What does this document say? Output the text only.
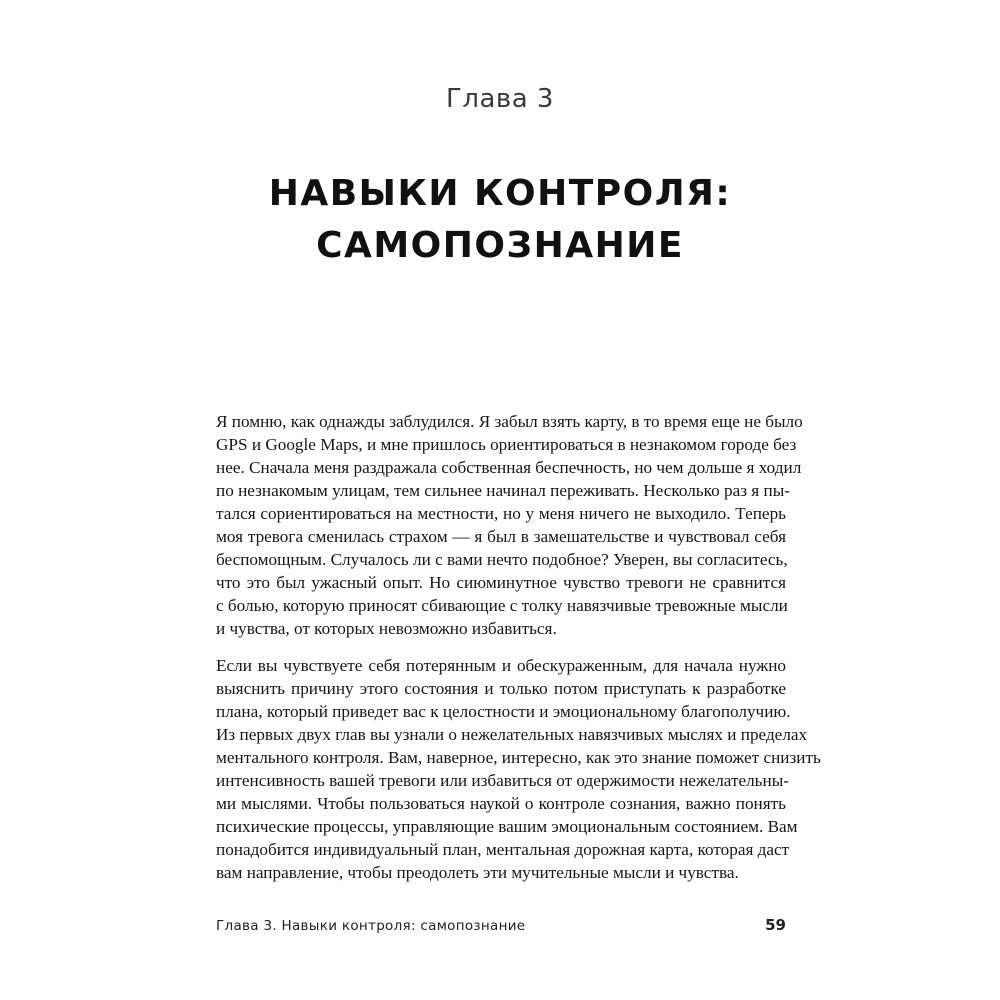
Глава 3
НАВЫКИ КОНТРОЛЯ:
САМОПОЗНАНИЕ
Я помню, как однажды заблудился. Я забыл взять карту, в то время еще не было
GPS и Google Maps, и мне пришлось ориентироваться в незнакомом городе без
нее. Сначала меня раздражала собственная беспечность, но чем дольше я ходил
по незнакомым улицам, тем сильнее начинал переживать. Несколько раз я пы-
тался сориентироваться на местности, но у меня ничего не выходило. Теперь
моя тревога сменилась страхом — я был в замешательстве и чувствовал себя
беспомощным. Случалось ли с вами нечто подобное? Уверен, вы согласитесь,
что это был ужасный опыт. Но сиюминутное чувство тревоги не сравнится
с болью, которую приносят сбивающие с толку навязчивые тревожные мысли
и чувства, от которых невозможно избавиться.
Если вы чувствуете себя потерянным и обескураженным, для начала нужно
выяснить причину этого состояния и только потом приступать к разработке
плана, который приведет вас к целостности и эмоциональному благополучию.
Из первых двух глав вы узнали о нежелательных навязчивых мыслях и пределах
ментального контроля. Вам, наверное, интересно, как это знание поможет снизить
интенсивность вашей тревоги или избавиться от одержимости нежелательны-
ми мыслями. Чтобы пользоваться наукой о контроле сознания, важно понять
психические процессы, управляющие вашим эмоциональным состоянием. Вам
понадобится индивидуальный план, ментальная дорожная карта, которая даст
вам направление, чтобы преодолеть эти мучительные мысли и чувства.
Глава 3. Навыки контроля: самопознание	59
